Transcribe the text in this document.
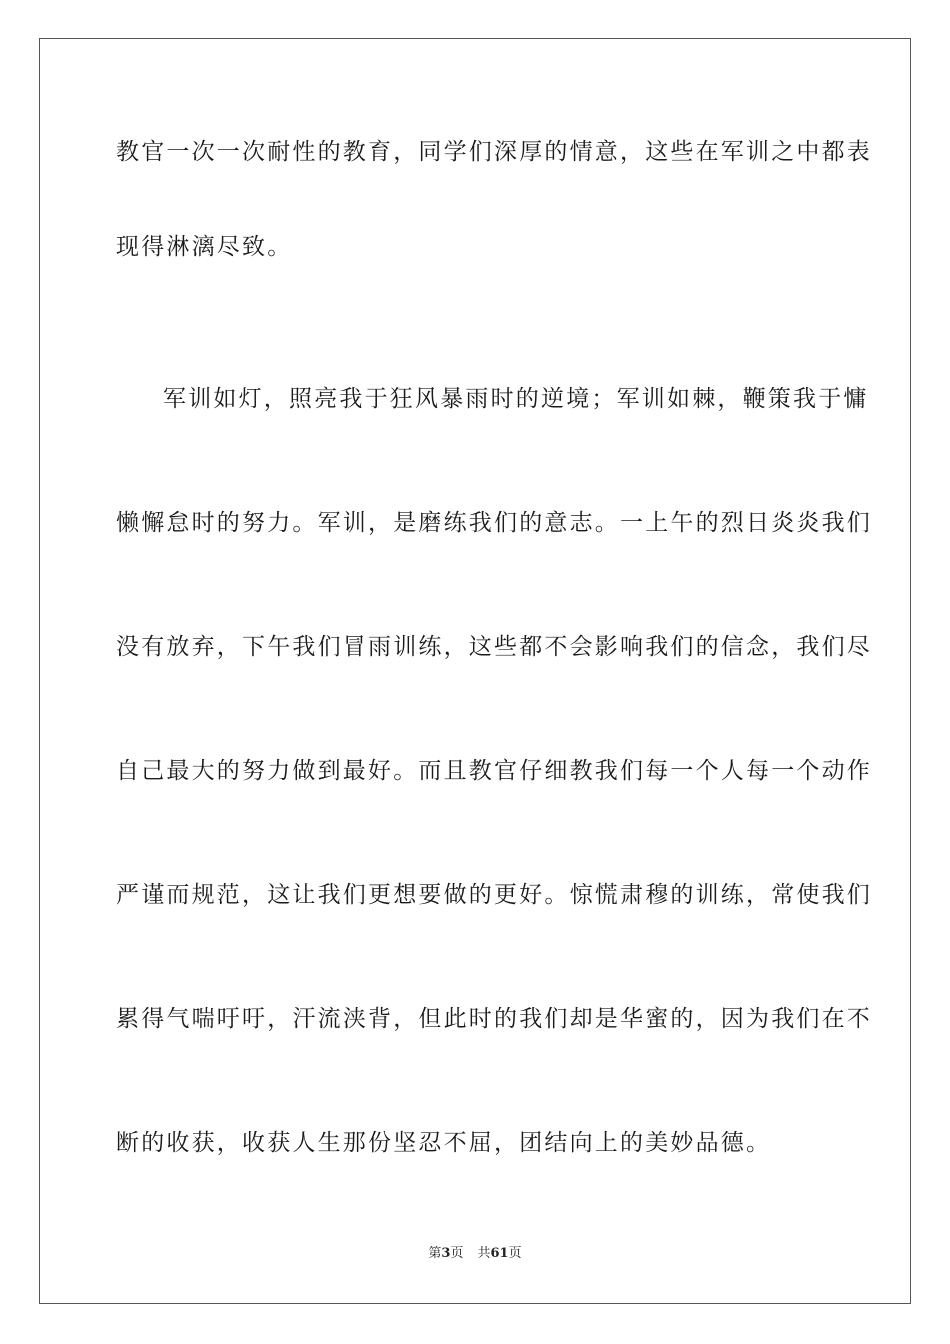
教官一次一次耐性的教育，同学们深厚的情意，这些在军训之中都表
现得淋漓尽致。
军训如灯，照亮我于狂风暴雨时的逆境；军训如棘，鞭策我于慵
懒懈怠时的努力。军训，是磨练我们的意志。一上午的烈日炎炎我们
没有放弃，下午我们冒雨训练，这些都不会影响我们的信念，我们尽
自己最大的努力做到最好。而且教官仔细教我们每一个人每一个动作
严谨而规范，这让我们更想要做的更好。惊慌肃穆的训练，常使我们
累得气喘吁吁，汗流浃背，但此时的我们却是华蜜的，因为我们在不
断的收获，收获人生那份坚忍不屈，团结向上的美妙品德。
第3页 共61页
